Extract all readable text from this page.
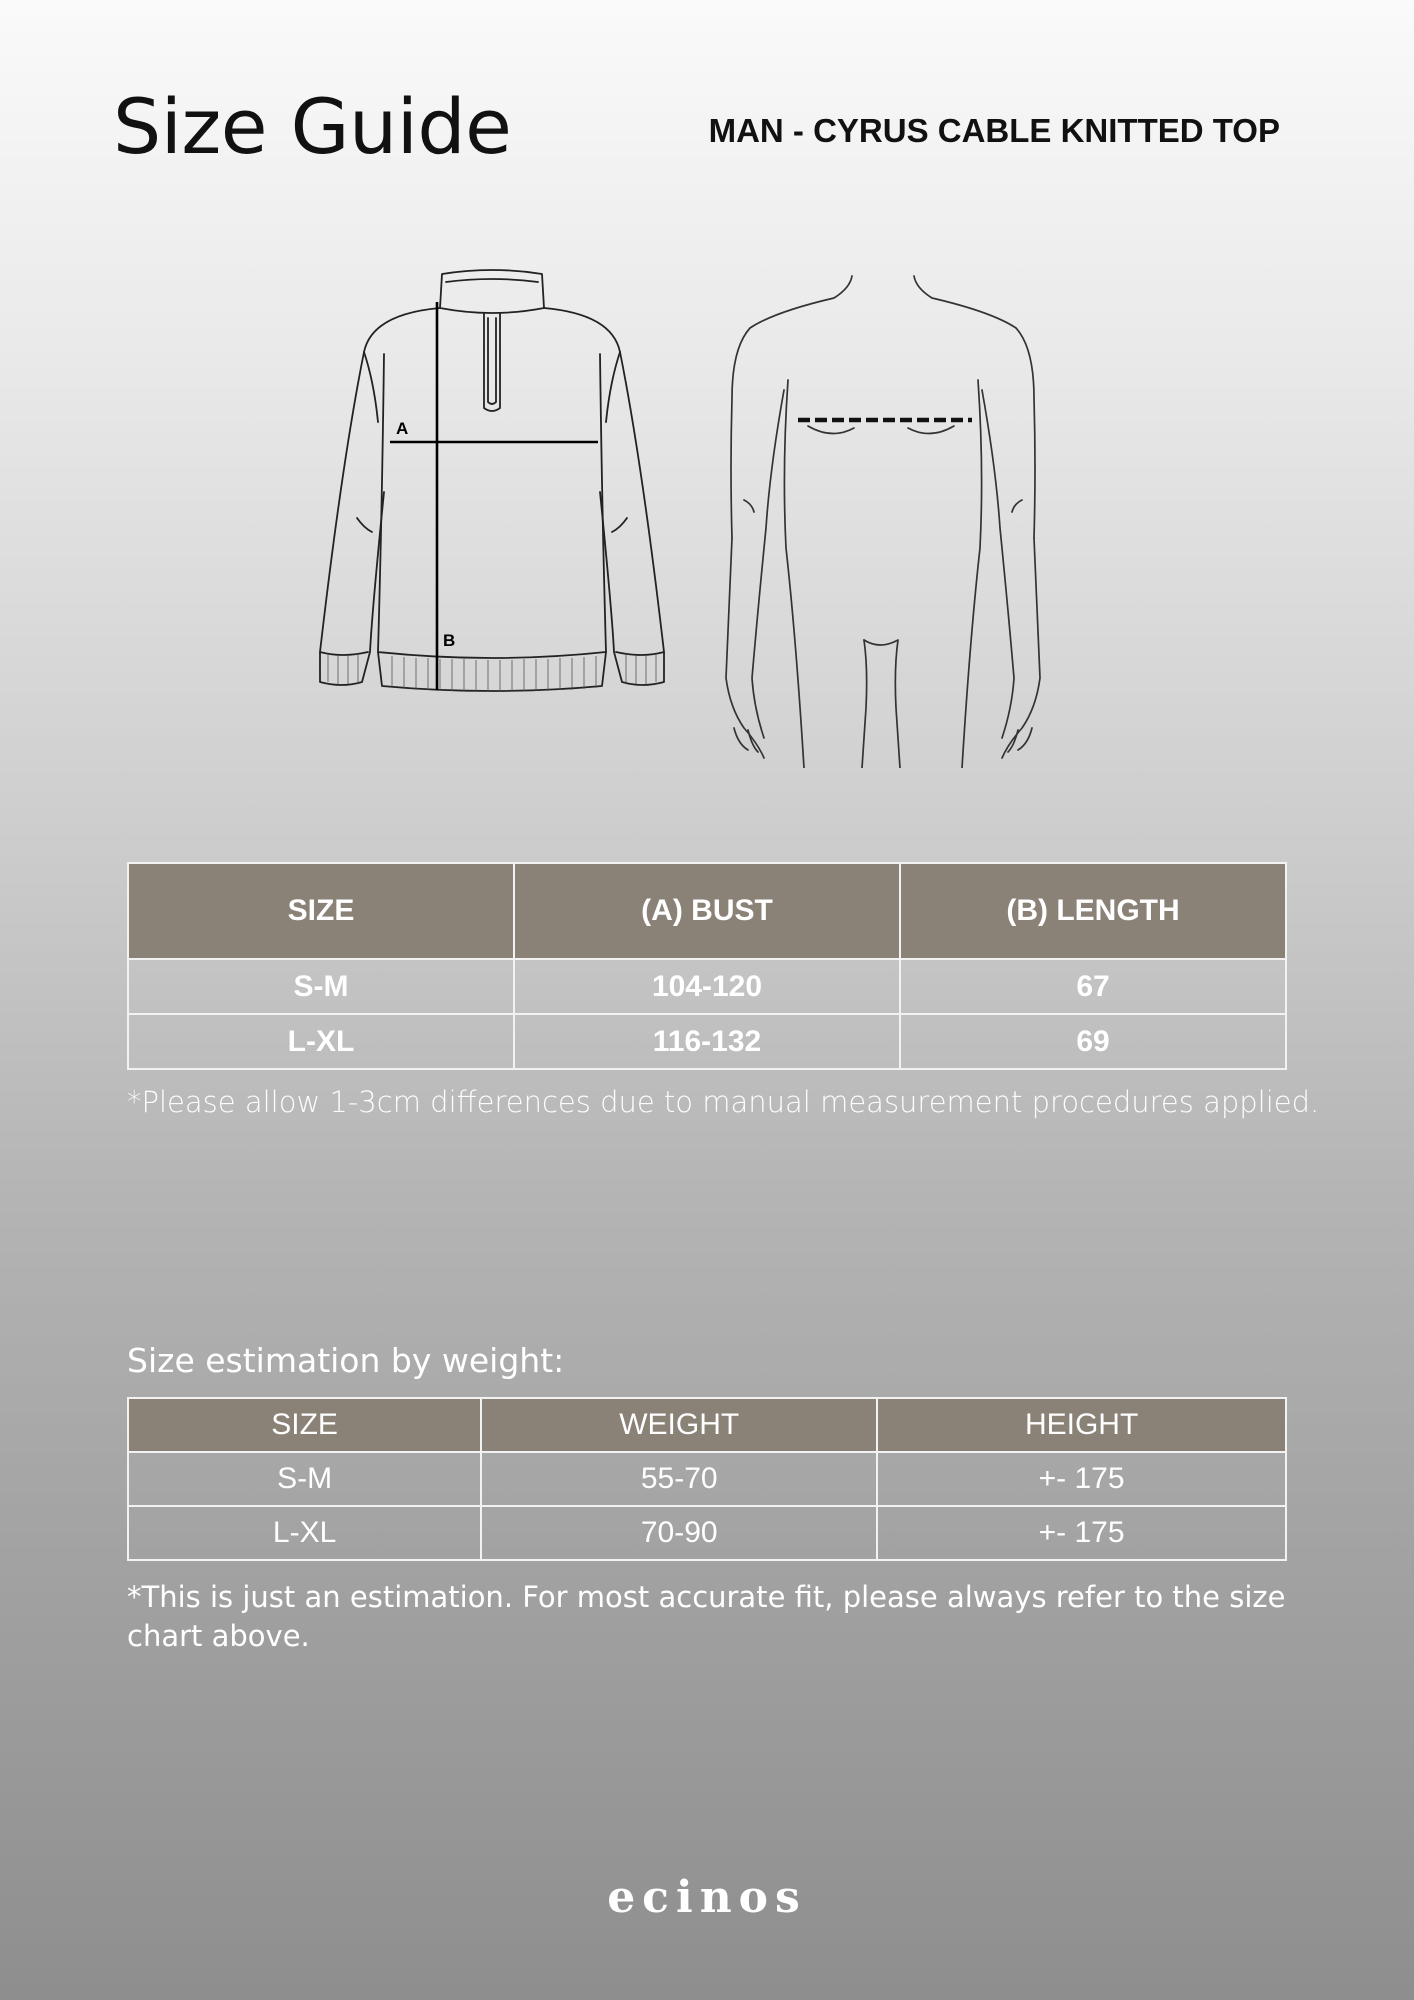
Size Guide	MAN - CYRUS CABLE KNITTED TOP
A
B
SIZE	(A) BUST	(B) LENGTH
S-M	104-120	67
L-XL	116-132	69
*Please allow 1-3cm differences due to manual measurement procedures applied.
Size estimation by weight:
SIZE	WEIGHT	HEIGHT
S-M	55-70	+- 175
L-XL	70-90	+- 175
*This is just an estimation. For most accurate fit, please always refer to the size chart above.
ecinos
